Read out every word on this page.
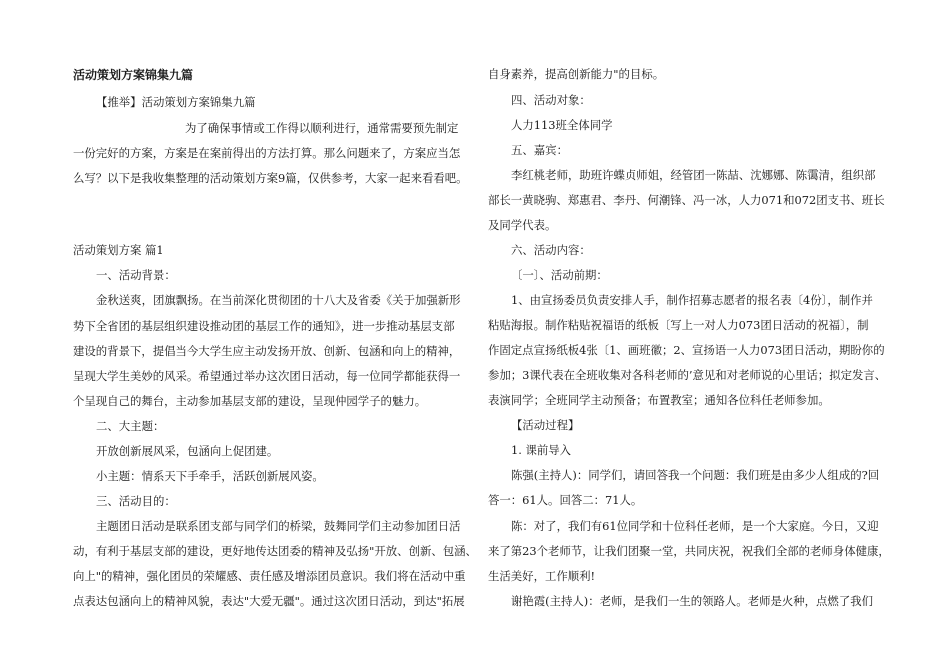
活动策划方案锦集九篇
【推举】活动策划方案锦集九篇
为了确保事情或工作得以顺利进行，通常需要预先制定
一份完好的方案，方案是在案前得出的方法打算。那么问题来了，方案应当怎
么写？以下是我收集整理的活动策划方案9篇，仅供参考，大家一起来看看吧。
活动策划方案 篇1
一、活动背景：
金秋送爽，团旗飘扬。在当前深化贯彻团的十八大及省委《关于加强新形
势下全省团的基层组织建设推动团的基层工作的通知》，进一步推动基层支部
建设的背景下，提倡当今大学生应主动发扬开放、创新、包涵和向上的精神，
呈现大学生美妙的风采。希望通过举办这次团日活动，每一位同学都能获得一
个呈现自己的舞台，主动参加基层支部的建设，呈现仲园学子的魅力。
二、大主题：
开放创新展风采，包涵向上促团建。
小主题：情系天下手牵手，活跃创新展风姿。
三、活动目的：
主题团日活动是联系团支部与同学们的桥梁，鼓舞同学们主动参加团日活
动，有利于基层支部的建设，更好地传达团委的精神及弘扬"开放、创新、包涵、
向上"的精神，强化团员的荣耀感、责任感及增添团员意识。我们将在活动中重
点表达包涵向上的精神风貌，表达"大爱无疆"。通过这次团日活动，到达"拓展
自身素养，提高创新能力"的目标。
四、活动对象：
人力113班全体同学
五、嘉宾：
李红桃老师，助班许蝶贞师姐，经管团一陈喆、沈娜娜、陈霭清，组织部
部长一黄晓驹、郑惠君、李丹、何潮锋、冯一冰，人力071和072团支书、班长
及同学代表。
六、活动内容：
〔一〕、活动前期：
1、由宣扬委员负责安排人手，制作招募志愿者的报名表〔4份〕，制作并
粘贴海报。制作粘贴祝福语的纸板〔写上一对人力073团日活动的祝福〕，制
作固定点宣扬纸板4张〔1、画班徽；2、宣扬语一人力073团日活动，期盼你的
参加；3课代表在全班收集对各科老师的’意见和对老师说的心里话；拟定发言、
表演同学；全班同学主动预备；布置教室；通知各位科任老师参加。
【活动过程】
1. 课前导入
陈强(主持人)：同学们，请回答我一个问题：我们班是由多少人组成的?回
答一：61人。回答二：71人。
陈：对了，我们有61位同学和十位科任老师，是一个大家庭。今日，又迎
来了第23个老师节，让我们团聚一堂，共同庆祝，祝我们全部的老师身体健康，
生活美好，工作顺利!
谢艳霞(主持人)：老师，是我们一生的领路人。老师是火种，点燃了我们
